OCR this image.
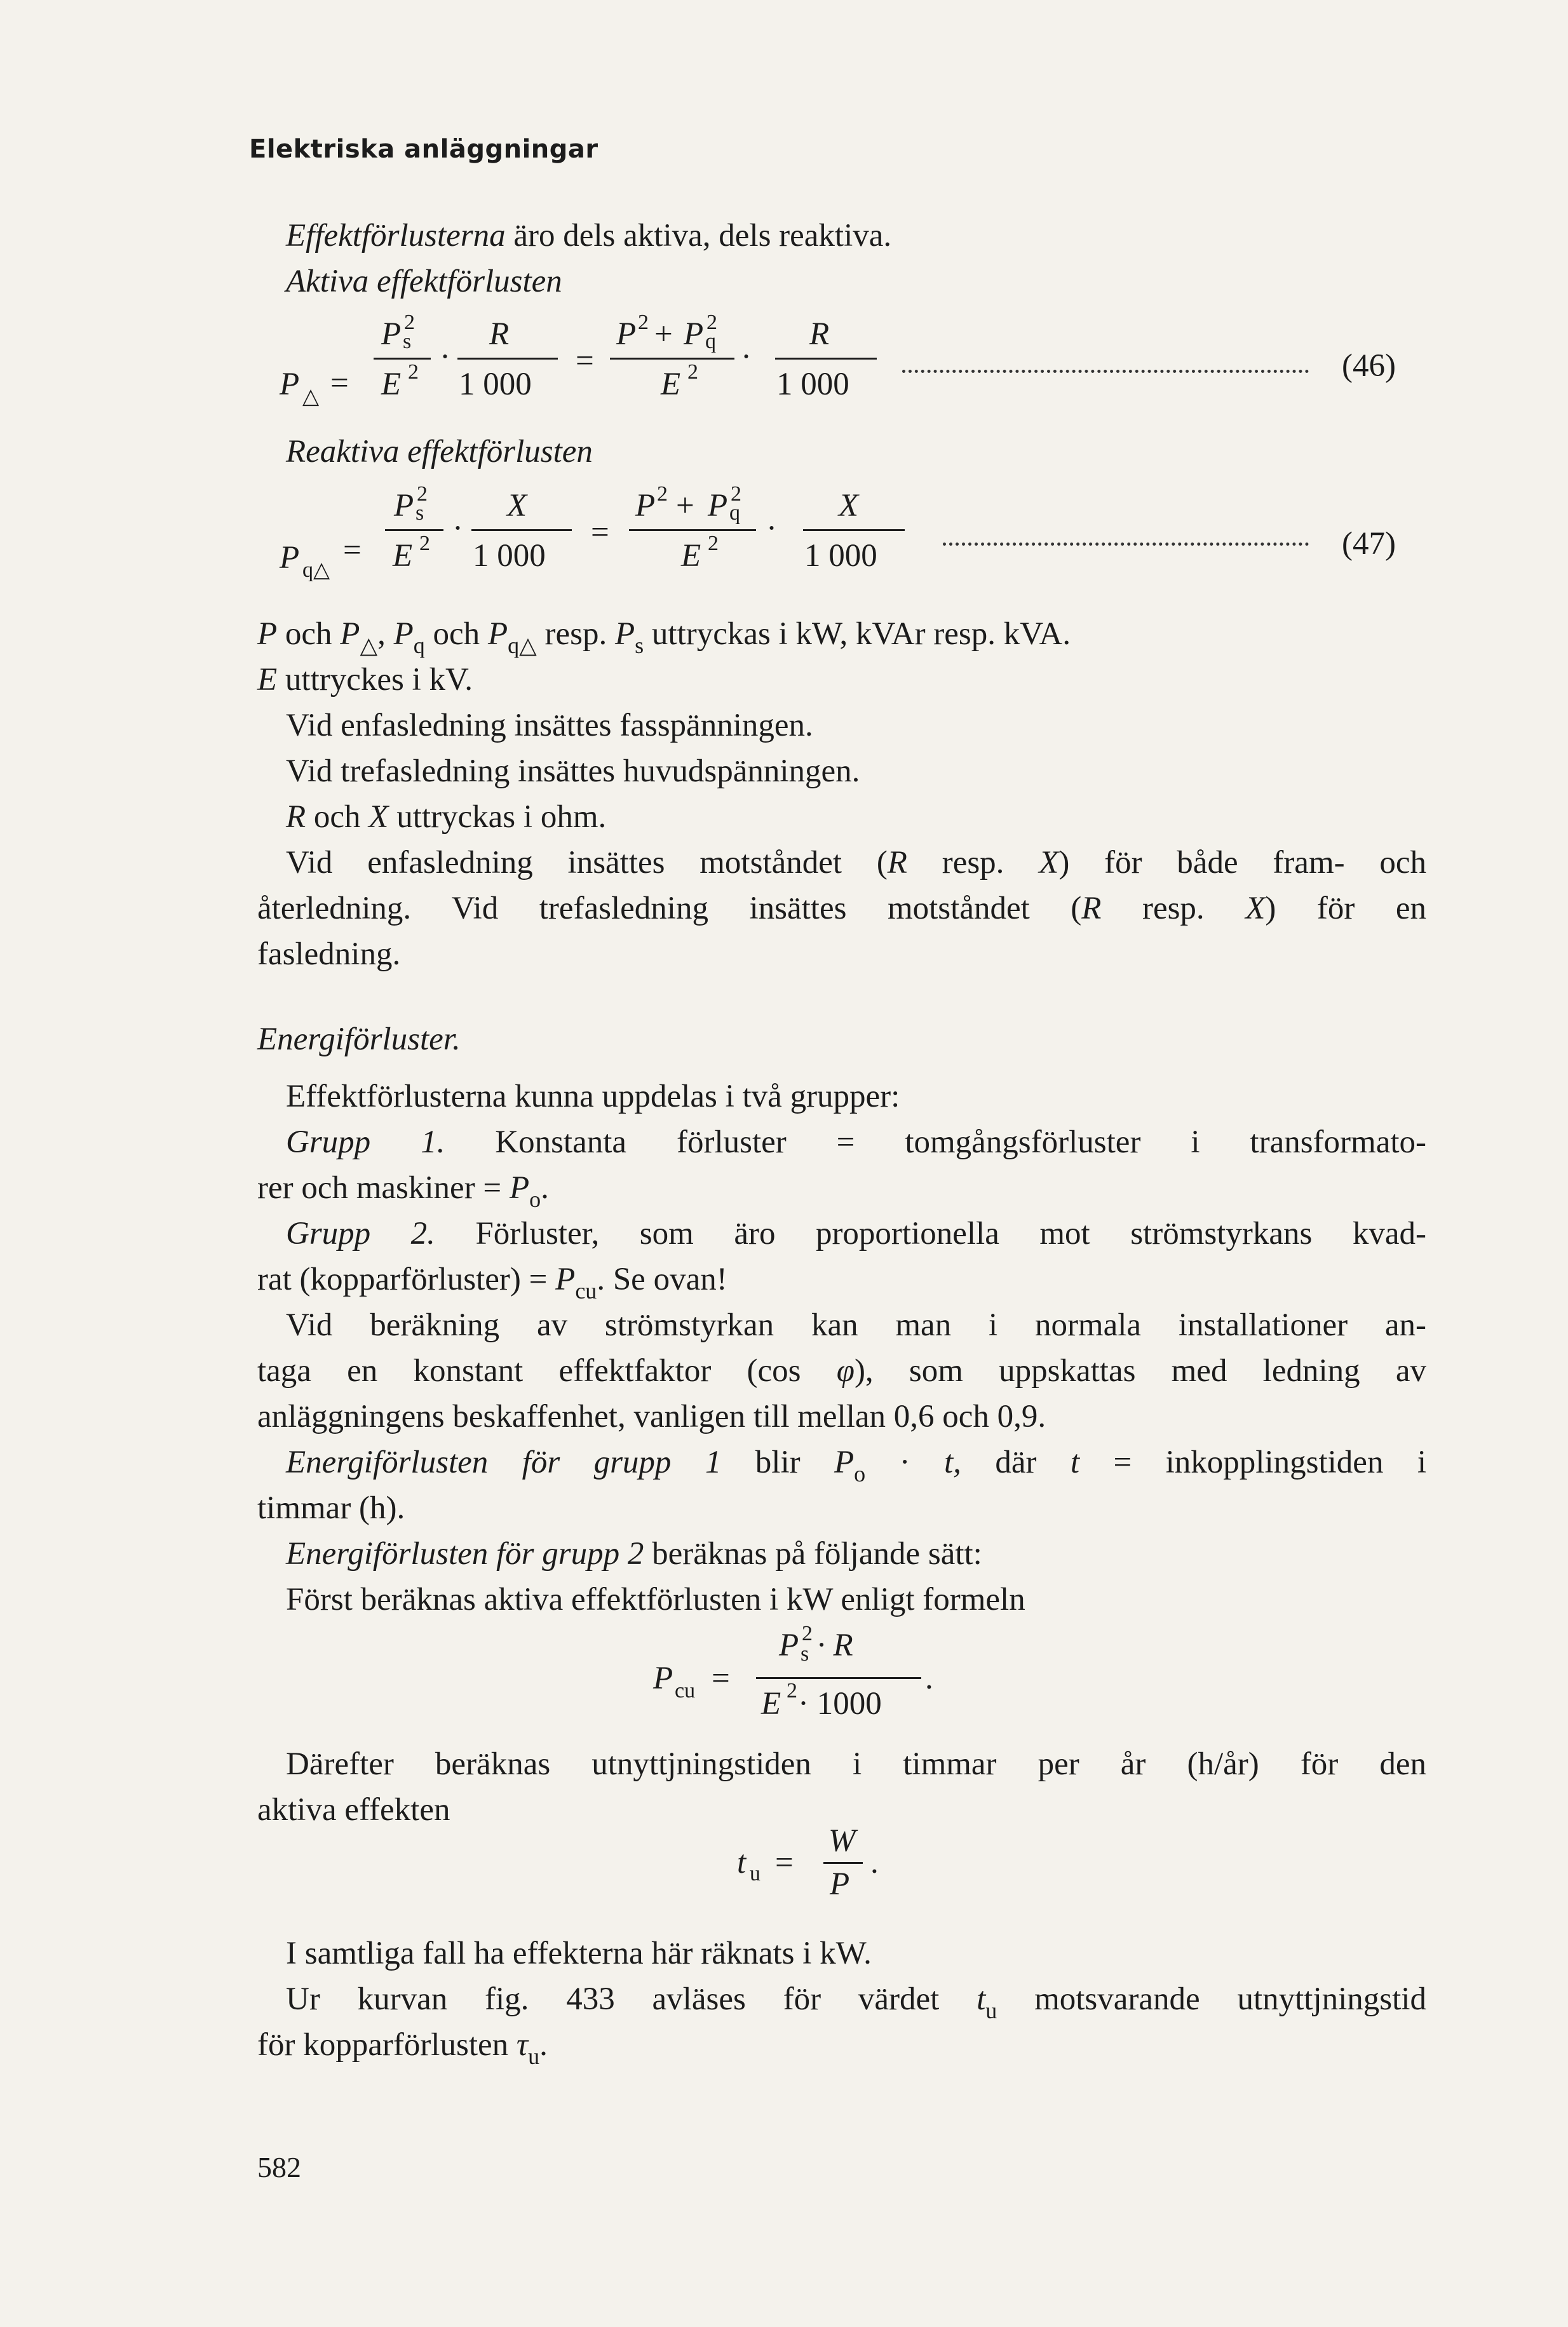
Elektriska anläggningar
Effektförlusterna äro dels aktiva, dels reaktiva.
Aktiva effektförlusten
P △ =
P s
2
E 2 ·
R
1 000
=
P 2 + P q
2
E 2 ·
R
1 000
(46)
Reaktiva effektförlusten
P q△
=
P s
2
E 2 ·
X
1 000
=
P 2 + P q
2
E 2 ·
X
1 000	(47)
P och $P_\triangle$, $P_q$ och $P_{q\triangle}$ resp. $P_s$ uttryckas i kW, kVAr resp. kVA.
E uttryckes i kV.
Vid enfasledning insättes fasspänningen.
Vid trefasledning insättes huvudspänningen.
R och X uttryckas i ohm.
Vid enfasledning insättes motståndet (R resp. X) för både fram- och
återledning. Vid trefasledning insättes motståndet (R resp. X) för en
fasledning.
Energiförluster.
Effektförlusterna kunna uppdelas i två grupper:
Grupp 1. Konstanta förluster = tomgångsförluster i transformato-
rer och maskiner = $P_o$.
Grupp 2. Förluster, som äro proportionella mot strömstyrkans kvad-
rat (kopparförluster) = $P_{cu}$. Se ovan!
Vid beräkning av strömstyrkan kan man i normala installationer an-
taga en konstant effektfaktor (cos φ), som uppskattas med ledning av
anläggningens beskaffenhet, vanligen till mellan 0,6 och 0,9.
Energiförlusten för grupp 1 blir $P_o \cdot t$, där t = inkopplingstiden i
timmar (h).
Energiförlusten för grupp 2 beräknas på följande sätt:
Först beräknas aktiva effektförlusten i kW enligt formeln
P cu =
P s
2 · R
E 2 · 1000
.
Därefter beräknas utnyttjningstiden i timmar per år (h/år) för den
aktiva effekten
t u =
W
P
.
I samtliga fall ha effekterna här räknats i kW.
Ur kurvan fig. 433 avläses för värdet $t_u$ motsvarande utnyttjningstid
för kopparförlusten $\tau_u$.
582
